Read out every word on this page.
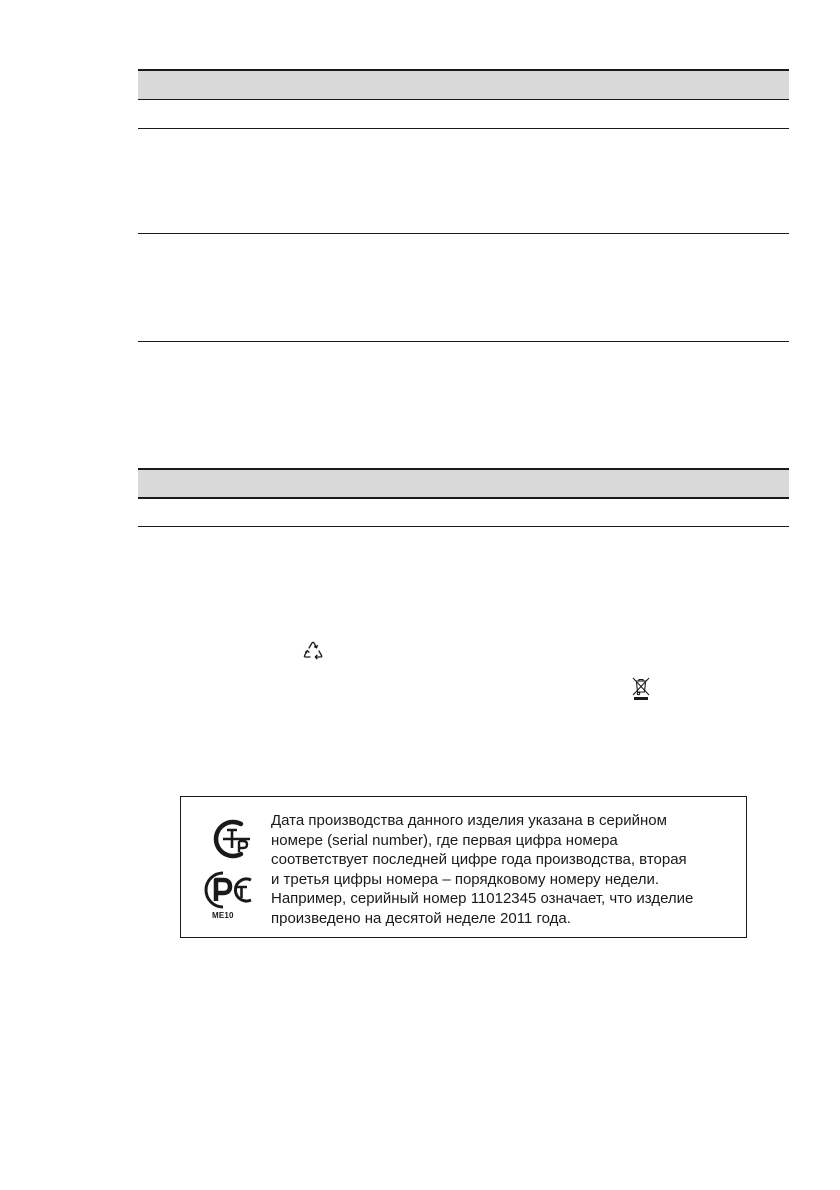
ME10

Дата производства данного изделия указана в серийном
номере (serial number), где первая цифра номера
соответствует последней цифре года производства, вторая
и третья цифры номера – порядковому номеру недели.
Например, серийный номер 11012345 означает, что изделие
произведено на десятой неделе 2011 года.
